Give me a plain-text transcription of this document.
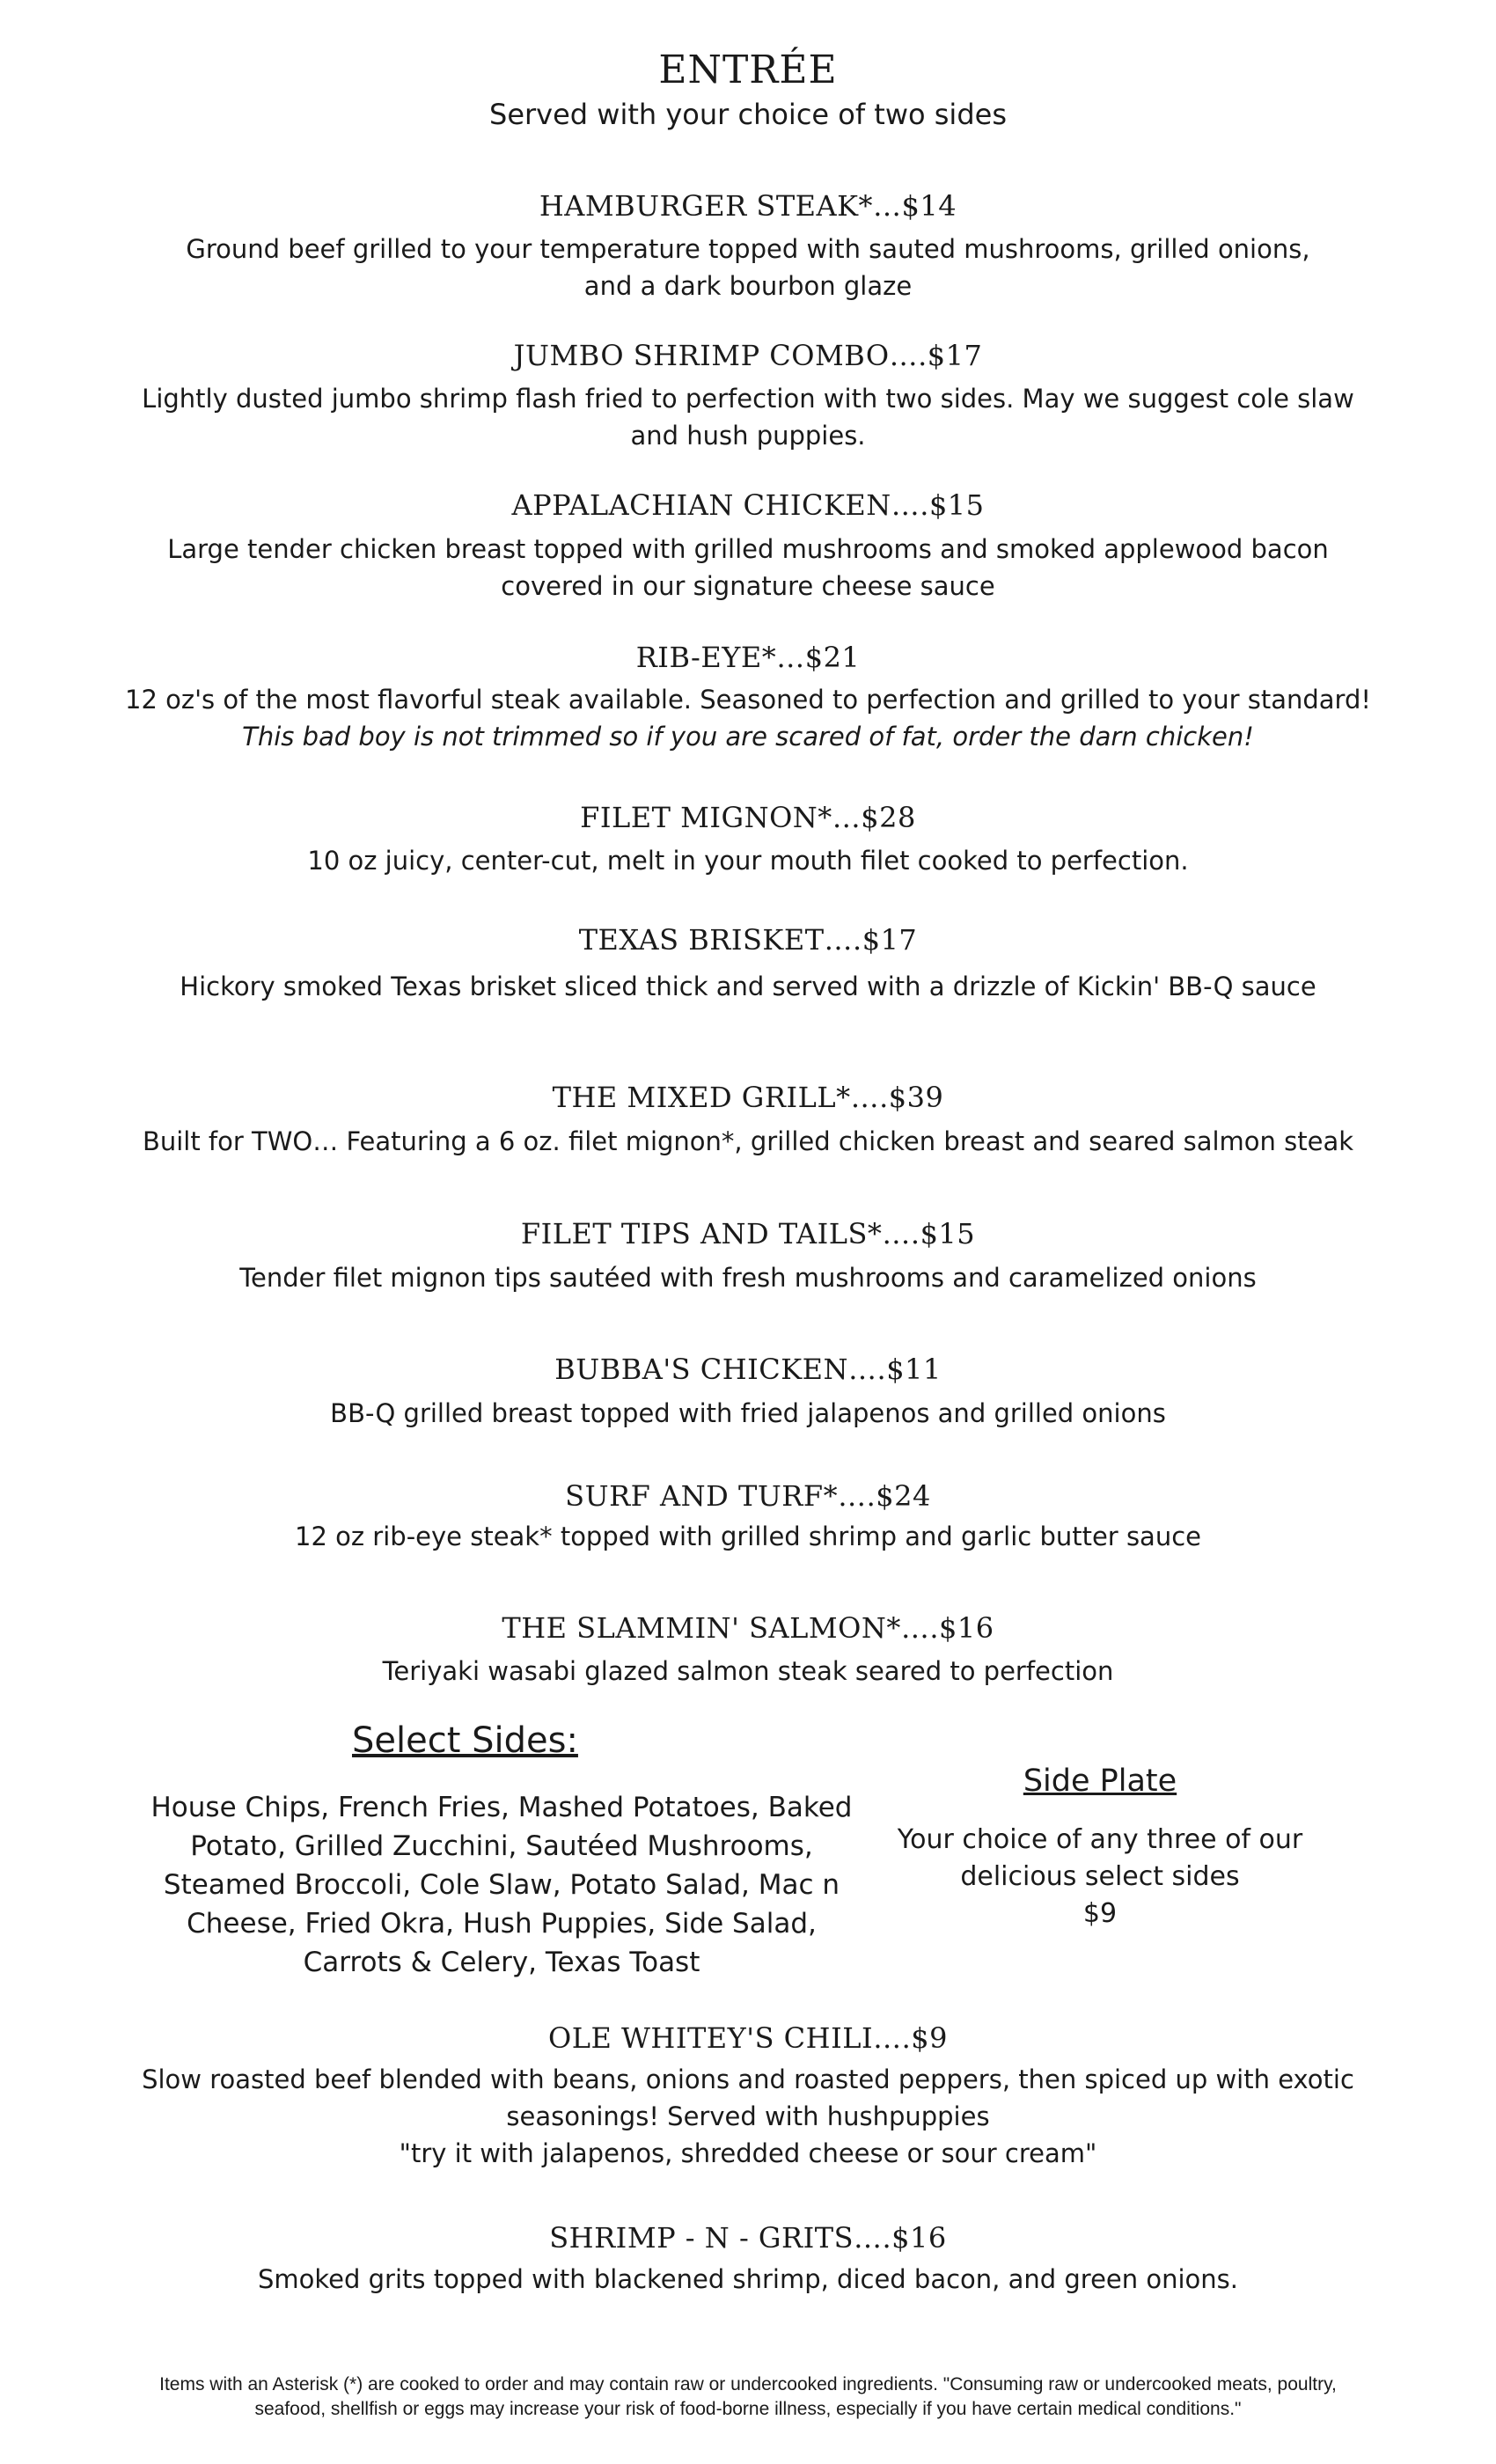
ENTRÉE
Served with your choice of two sides
HAMBURGER STEAK*…$14
Ground beef grilled to your temperature topped with sauted mushrooms, grilled onions,
and a dark bourbon glaze
JUMBO SHRIMP COMBO….$17
Lightly dusted jumbo shrimp flash fried to perfection with two sides. May we suggest cole slaw
and hush puppies.
APPALACHIAN CHICKEN….$15
Large tender chicken breast topped with grilled mushrooms and smoked applewood bacon
covered in our signature cheese sauce
RIB-EYE*…$21
12 oz's of the most flavorful steak available. Seasoned to perfection and grilled to your standard!
This bad boy is not trimmed so if you are scared of fat, order the darn chicken!
FILET MIGNON*…$28
10 oz juicy, center-cut, melt in your mouth filet cooked to perfection.
TEXAS BRISKET….$17
Hickory smoked Texas brisket sliced thick and served with a drizzle of Kickin' BB-Q sauce
THE MIXED GRILL*….$39
Built for TWO… Featuring a 6 oz. filet mignon*, grilled chicken breast and seared salmon steak
FILET TIPS AND TAILS*….$15
Tender filet mignon tips sautéed with fresh mushrooms and caramelized onions
BUBBA'S CHICKEN….$11
BB-Q grilled breast topped with fried jalapenos and grilled onions
SURF AND TURF*….$24
12 oz rib-eye steak* topped with grilled shrimp and garlic butter sauce
THE SLAMMIN' SALMON*….$16
Teriyaki wasabi glazed salmon steak seared to perfection
Select Sides:
House Chips, French Fries, Mashed Potatoes, Baked
Potato, Grilled Zucchini, Sautéed Mushrooms,
Steamed Broccoli, Cole Slaw, Potato Salad, Mac n
Cheese, Fried Okra, Hush Puppies, Side Salad,
Carrots & Celery, Texas Toast
Side Plate
Your choice of any three of our
delicious select sides
$9
OLE WHITEY'S CHILI….$9
Slow roasted beef blended with beans, onions and roasted peppers, then spiced up with exotic
seasonings! Served with hushpuppies
"try it with jalapenos, shredded cheese or sour cream"
SHRIMP - N - GRITS….$16
Smoked grits topped with blackened shrimp, diced bacon, and green onions.
Items with an Asterisk (*) are cooked to order and may contain raw or undercooked ingredients. "Consuming raw or undercooked meats, poultry,
seafood, shellfish or eggs may increase your risk of food-borne illness, especially if you have certain medical conditions."
